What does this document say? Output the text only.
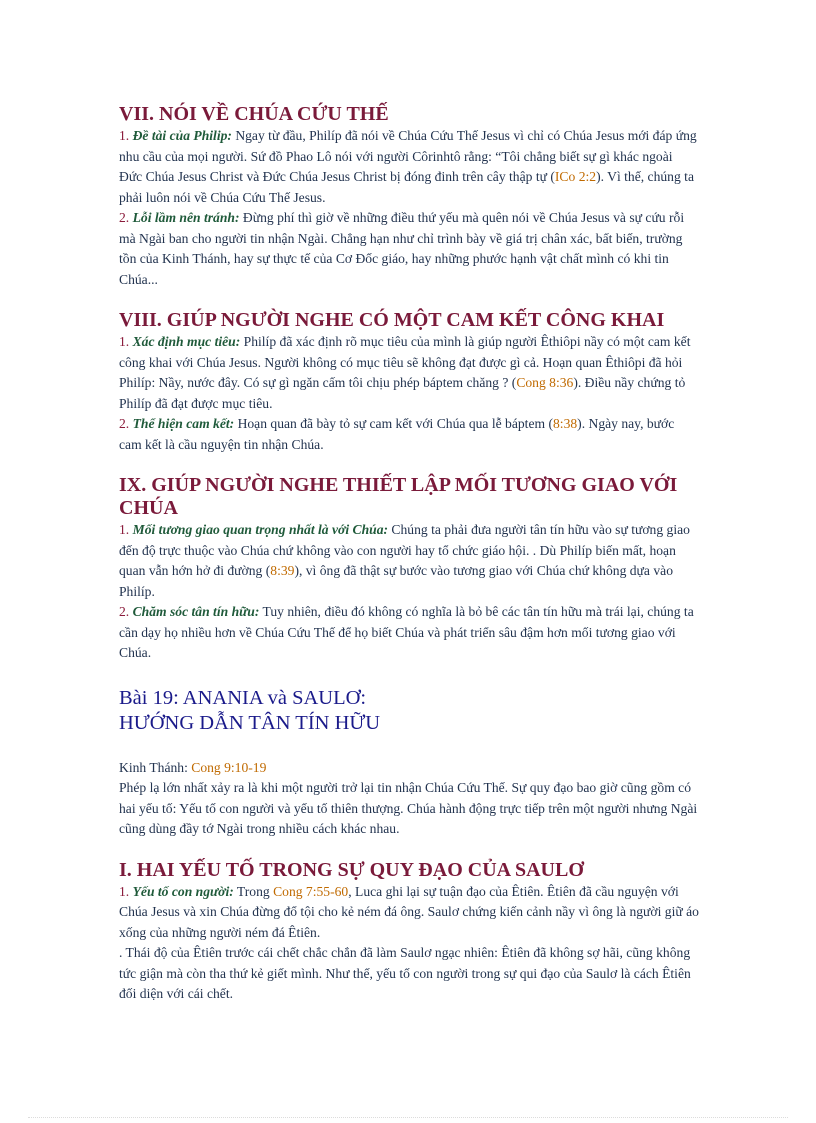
VII. NÓI VỀ CHÚA CỨU THẾ

1. Đề tài của Philip: Ngay từ đầu, Philíp đã nói về Chúa Cứu Thế Jesus vì chỉ có Chúa Jesus mới đáp ứng nhu cầu của mọi người. Sứ đồ Phao Lô nói với người Côrinhtô rằng: “Tôi chẳng biết sự gì khác ngoài Đức Chúa Jesus Christ và Đức Chúa Jesus Christ bị đóng đinh trên cây thập tự (ICo 2:2). Vì thế, chúng ta phải luôn nói về Chúa Cứu Thế Jesus.

2. Lỗi lầm nên tránh: Đừng phí thì giờ về những điều thứ yếu mà quên nói về Chúa Jesus và sự cứu rỗi mà Ngài ban cho người tin nhận Ngài. Chẳng hạn như chỉ trình bày về giá trị chân xác, bất biến, trường tồn của Kinh Thánh, hay sự thực tế của Cơ Đốc giáo, hay những phước hạnh vật chất mình có khi tin Chúa...

VIII. GIÚP NGƯỜI NGHE CÓ MỘT CAM KẾT CÔNG KHAI

1. Xác định mục tiêu: Philíp đã xác định rõ mục tiêu của mình là giúp người Êthiôpi nầy có một cam kết công khai với Chúa Jesus. Người không có mục tiêu sẽ không đạt được gì cả. Hoạn quan Êthiôpi đã hỏi Philíp: Nầy, nước đây. Có sự gì ngăn cấm tôi chịu phép báptem chăng ? (Cong 8:36). Điều nầy chứng tỏ Philíp đã đạt được mục tiêu.

2. Thể hiện cam kết: Hoạn quan đã bày tỏ sự cam kết với Chúa qua lễ báptem (8:38). Ngày nay, bước cam kết là cầu nguyện tin nhận Chúa.

IX. GIÚP NGƯỜI NGHE THIẾT LẬP MỐI TƯƠNG GIAO VỚI CHÚA

1. Mối tương giao quan trọng nhất là với Chúa: Chúng ta phải đưa người tân tín hữu vào sự tương giao đến độ trực thuộc vào Chúa chứ không vào con người hay tổ chức giáo hội. . Dù Philíp biến mất, hoạn quan vẫn hớn hở đi đường (8:39), vì ông đã thật sự bước vào tương giao với Chúa chứ không dựa vào Philíp.

2. Chăm sóc tân tín hữu: Tuy nhiên, điều đó không có nghĩa là bỏ bê các tân tín hữu mà trái lại, chúng ta cần dạy họ nhiều hơn về Chúa Cứu Thế để họ biết Chúa và phát triển sâu đậm hơn mối tương giao với Chúa.

Bài 19: ANANIA và SAULƠ:

HƯỚNG DẪN TÂN TÍN HỮU

Kinh Thánh: Cong 9:10-19

Phép lạ lớn nhất xảy ra là khi một người trở lại tin nhận Chúa Cứu Thế. Sự quy đạo bao giờ cũng gồm có hai yếu tố: Yếu tố con người và yếu tố thiên thượng. Chúa hành động trực tiếp trên một người nhưng Ngài cũng dùng đầy tớ Ngài trong nhiều cách khác nhau.

I. HAI YẾU TỐ TRONG SỰ QUY ĐẠO CỦA SAULƠ

1. Yếu tố con người: Trong Cong 7:55-60, Luca ghi lại sự tuận đạo của Êtiên. Êtiên đã cầu nguyện với Chúa Jesus và xin Chúa đừng đổ tội cho kẻ ném đá ông. Saulơ chứng kiến cảnh nầy vì ông là người giữ áo xống của những người ném đá Êtiên.

. Thái độ của Êtiên trước cái chết chắc chắn đã làm Saulơ ngạc nhiên: Êtiên đã không sợ hãi, cũng không tức giận mà còn tha thứ kẻ giết mình. Như thế, yếu tố con người trong sự qui đạo của Saulơ là cách Êtiên đối diện với cái chết.
